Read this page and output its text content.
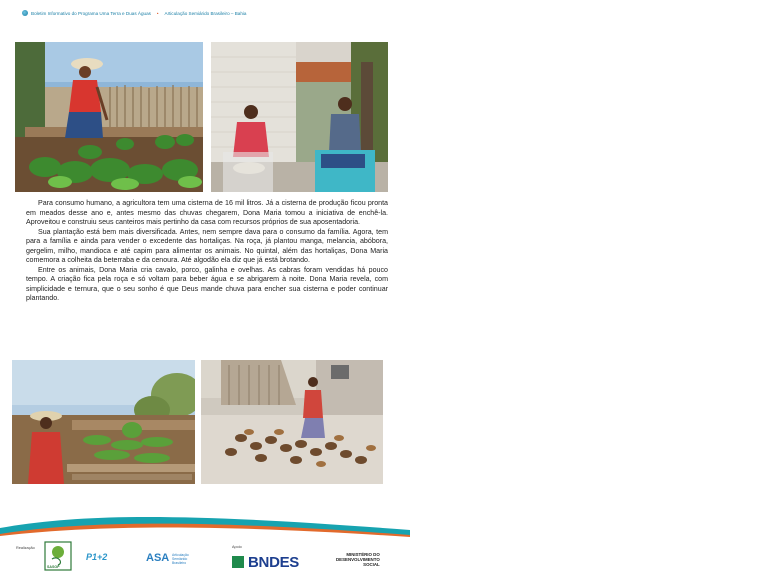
Boletim Informativo do Programa Uma Terra e Duas Águas • Articulação Semiárido Brasileiro – Bahia

Para consumo humano, a agricultora tem uma cisterna de 16 mil litros. Já a cisterna de produção ficou pronta em meados desse ano e, antes mesmo das chuvas chegarem, Dona Maria tomou a iniciativa de enchê-la. Aproveitou e construiu seus canteiros mais pertinho da casa com recursos próprios de sua aposentadoria.

Sua plantação está bem mais diversificada. Antes, nem sempre dava para o consumo da família. Agora, tem para a família e ainda para vender o excedente das hortaliças. Na roça, já plantou manga, melancia, abóbora, gergelim, milho, mandioca e até capim para alimentar os animais. No quintal, além das hortaliças, Dona Maria comemora a colheita da beterraba e da cenoura. Até algodão ela diz que já está brotando.

Entre os animais, Dona Maria cria cavalo, porco, galinha e ovelhas. As cabras foram vendidas há pouco tempo. A criação fica pela roça e só voltam para beber água e se abrigarem à noite. Dona Maria revela, com simplicidade e ternura, que o seu sonho é que Deus mande chuva para encher sua cisterna e poder continuar plantando.

Realização	Apoio
SASOP
P1+2	ASA Articulação
Semiárido
Brasileiro	BNDES	MINISTÉRIO DO
DESENVOLVIMENTO
SOCIAL
